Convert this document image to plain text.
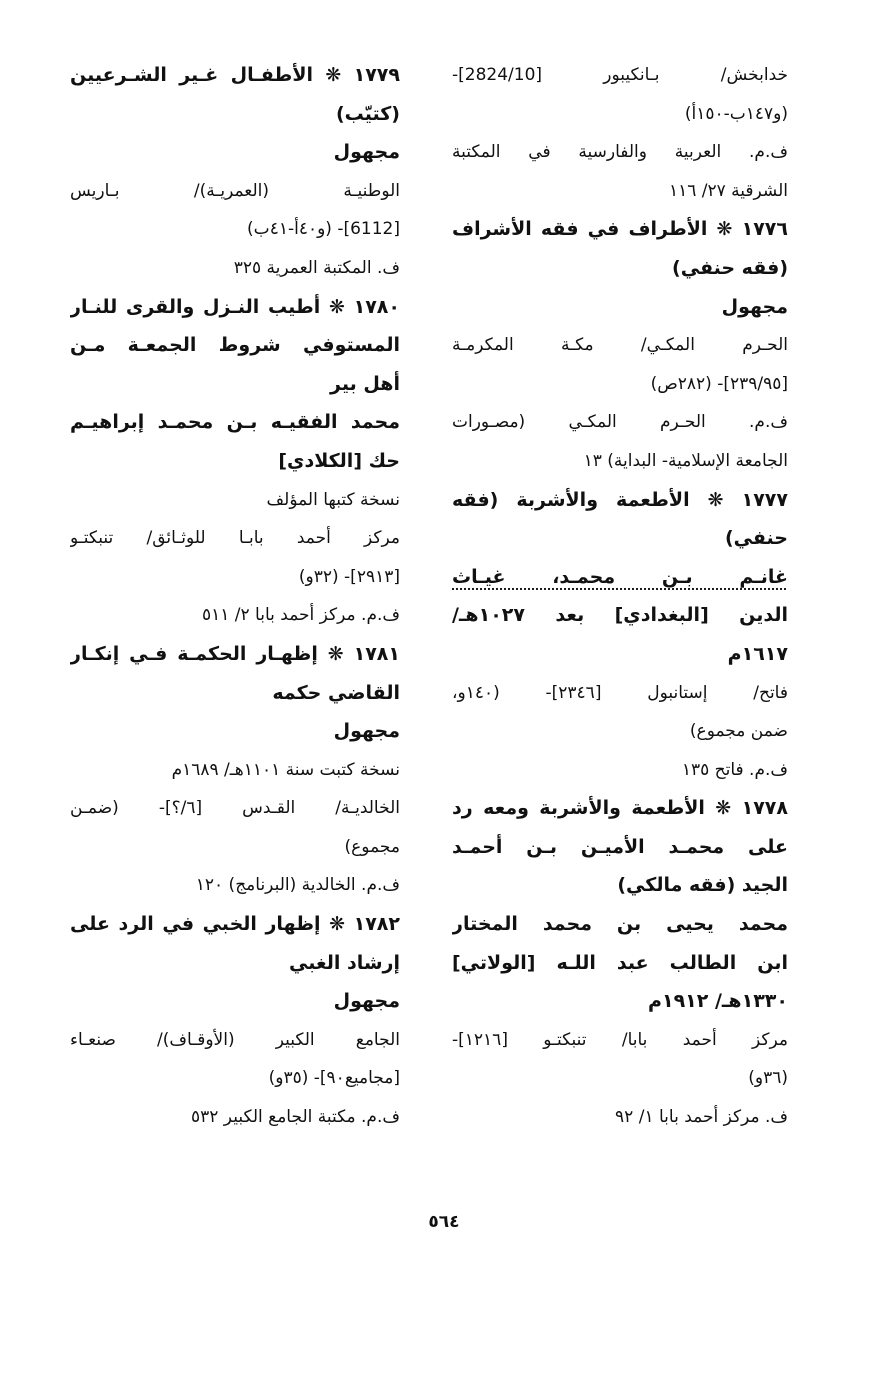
خدابخش/ بـانكيبور [2824/10]-
(و١٤٧ب-١٥٠أ)
ف.م. العربية والفارسية في المكتبة
الشرقية ٢٧/ ١١٦
١٧٧٦ ❋ الأطراف في فقه الأشراف
(فقه حنفي)
مجهول
الحـرم المكـي/ مكـة المكرمـة
[٢٣٩/٩٥]- (٢٨٢ص)
ف.م. الحـرم المكـي (مصـورات
الجامعة الإسلامية- البداية) ١٣
١٧٧٧ ❋ الأطعمة والأشربة (فقه
حنفي)
غانـم بـن محمـد، غيـاث
الدين [البغدادي] بعد ١٠٢٧هـ/
١٦١٧م
فاتح/ إستانبول [٢٣٤٦]- (١٤٠و،
ضمن مجموع)
ف.م. فاتح ١٣٥
١٧٧٨ ❋ الأطعمة والأشربة ومعه رد
على محمـد الأميـن بـن أحمـد
الجيد (فقه مالكي)
محمد يحيى بن محمد المختار
ابن الطالب عبد اللـه [الولاتي]
١٣٣٠هـ/ ١٩١٢م
مركز أحمد بابا/ تنبكتـو [١٢١٦]-
(٣٦و)
ف. مركز أحمد بابا ١/ ٩٢
١٧٧٩ ❋ الأطفـال غـير الشـرعيين
(كتيّب)
مجهول
الوطنيـة (العمريـة)/ بـاريس
[6112]- (و٤٠أ-٤١ب)
ف. المكتبة العمرية ٣٢٥
١٧٨٠ ❋ أطيب النـزل والقرى للنـار
المستوفي شروط الجمعـة مـن
أهل بير
محمد الفقيـه بـن محمـد إبراهيـم
حك [الكلادي]
نسخة كتبها المؤلف
مركز أحمد بابـا للوثـائق/ تنبكتـو
[٢٩١٣]- (٣٢و)
ف.م. مركز أحمد بابا ٢/ ٥١١
١٧٨١ ❋ إظهـار الحكمـة فـي إنكـار
القاضي حكمه
مجهول
نسخة كتبت سنة ١١٠١هـ/ ١٦٨٩م
الخالديـة/ القـدس [٦/؟]- (ضمـن
مجموع)
ف.م. الخالدية (البرنامج) ١٢٠
١٧٨٢ ❋ إظهار الخبي في الرد على
إرشاد الغبي
مجهول
الجامع الكبير (الأوقـاف)/ صنعـاء
[مجاميع٩٠]- (٣٥و)
ف.م. مكتبة الجامع الكبير ٥٣٢
٥٦٤
